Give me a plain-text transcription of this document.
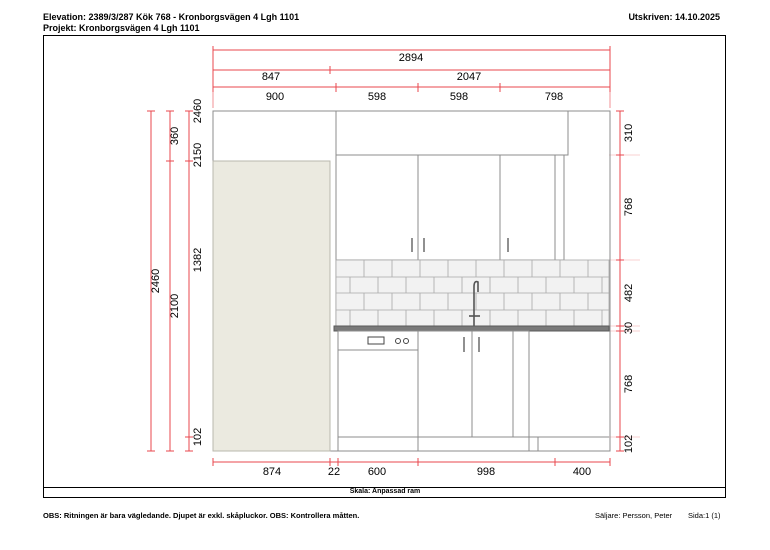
Elevation: 2389/3/287 Kök 768 - Kronborgsvägen 4 Lgh 1101
Projekt: Kronborgsvägen 4 Lgh 1101
Utskriven: 14.10.2025
Skala: Anpassad ram
2894
847	2047
900	598	598	798
2460
360
2100
2460
2150
1382
102
310
768
482
30
768
102
874	22	600	998	400
OBS: Ritningen är bara vägledande. Djupet är exkl. skåpluckor. OBS: Kontrollera måtten.	Säljare: Persson, Peter Sida:1 (1)
